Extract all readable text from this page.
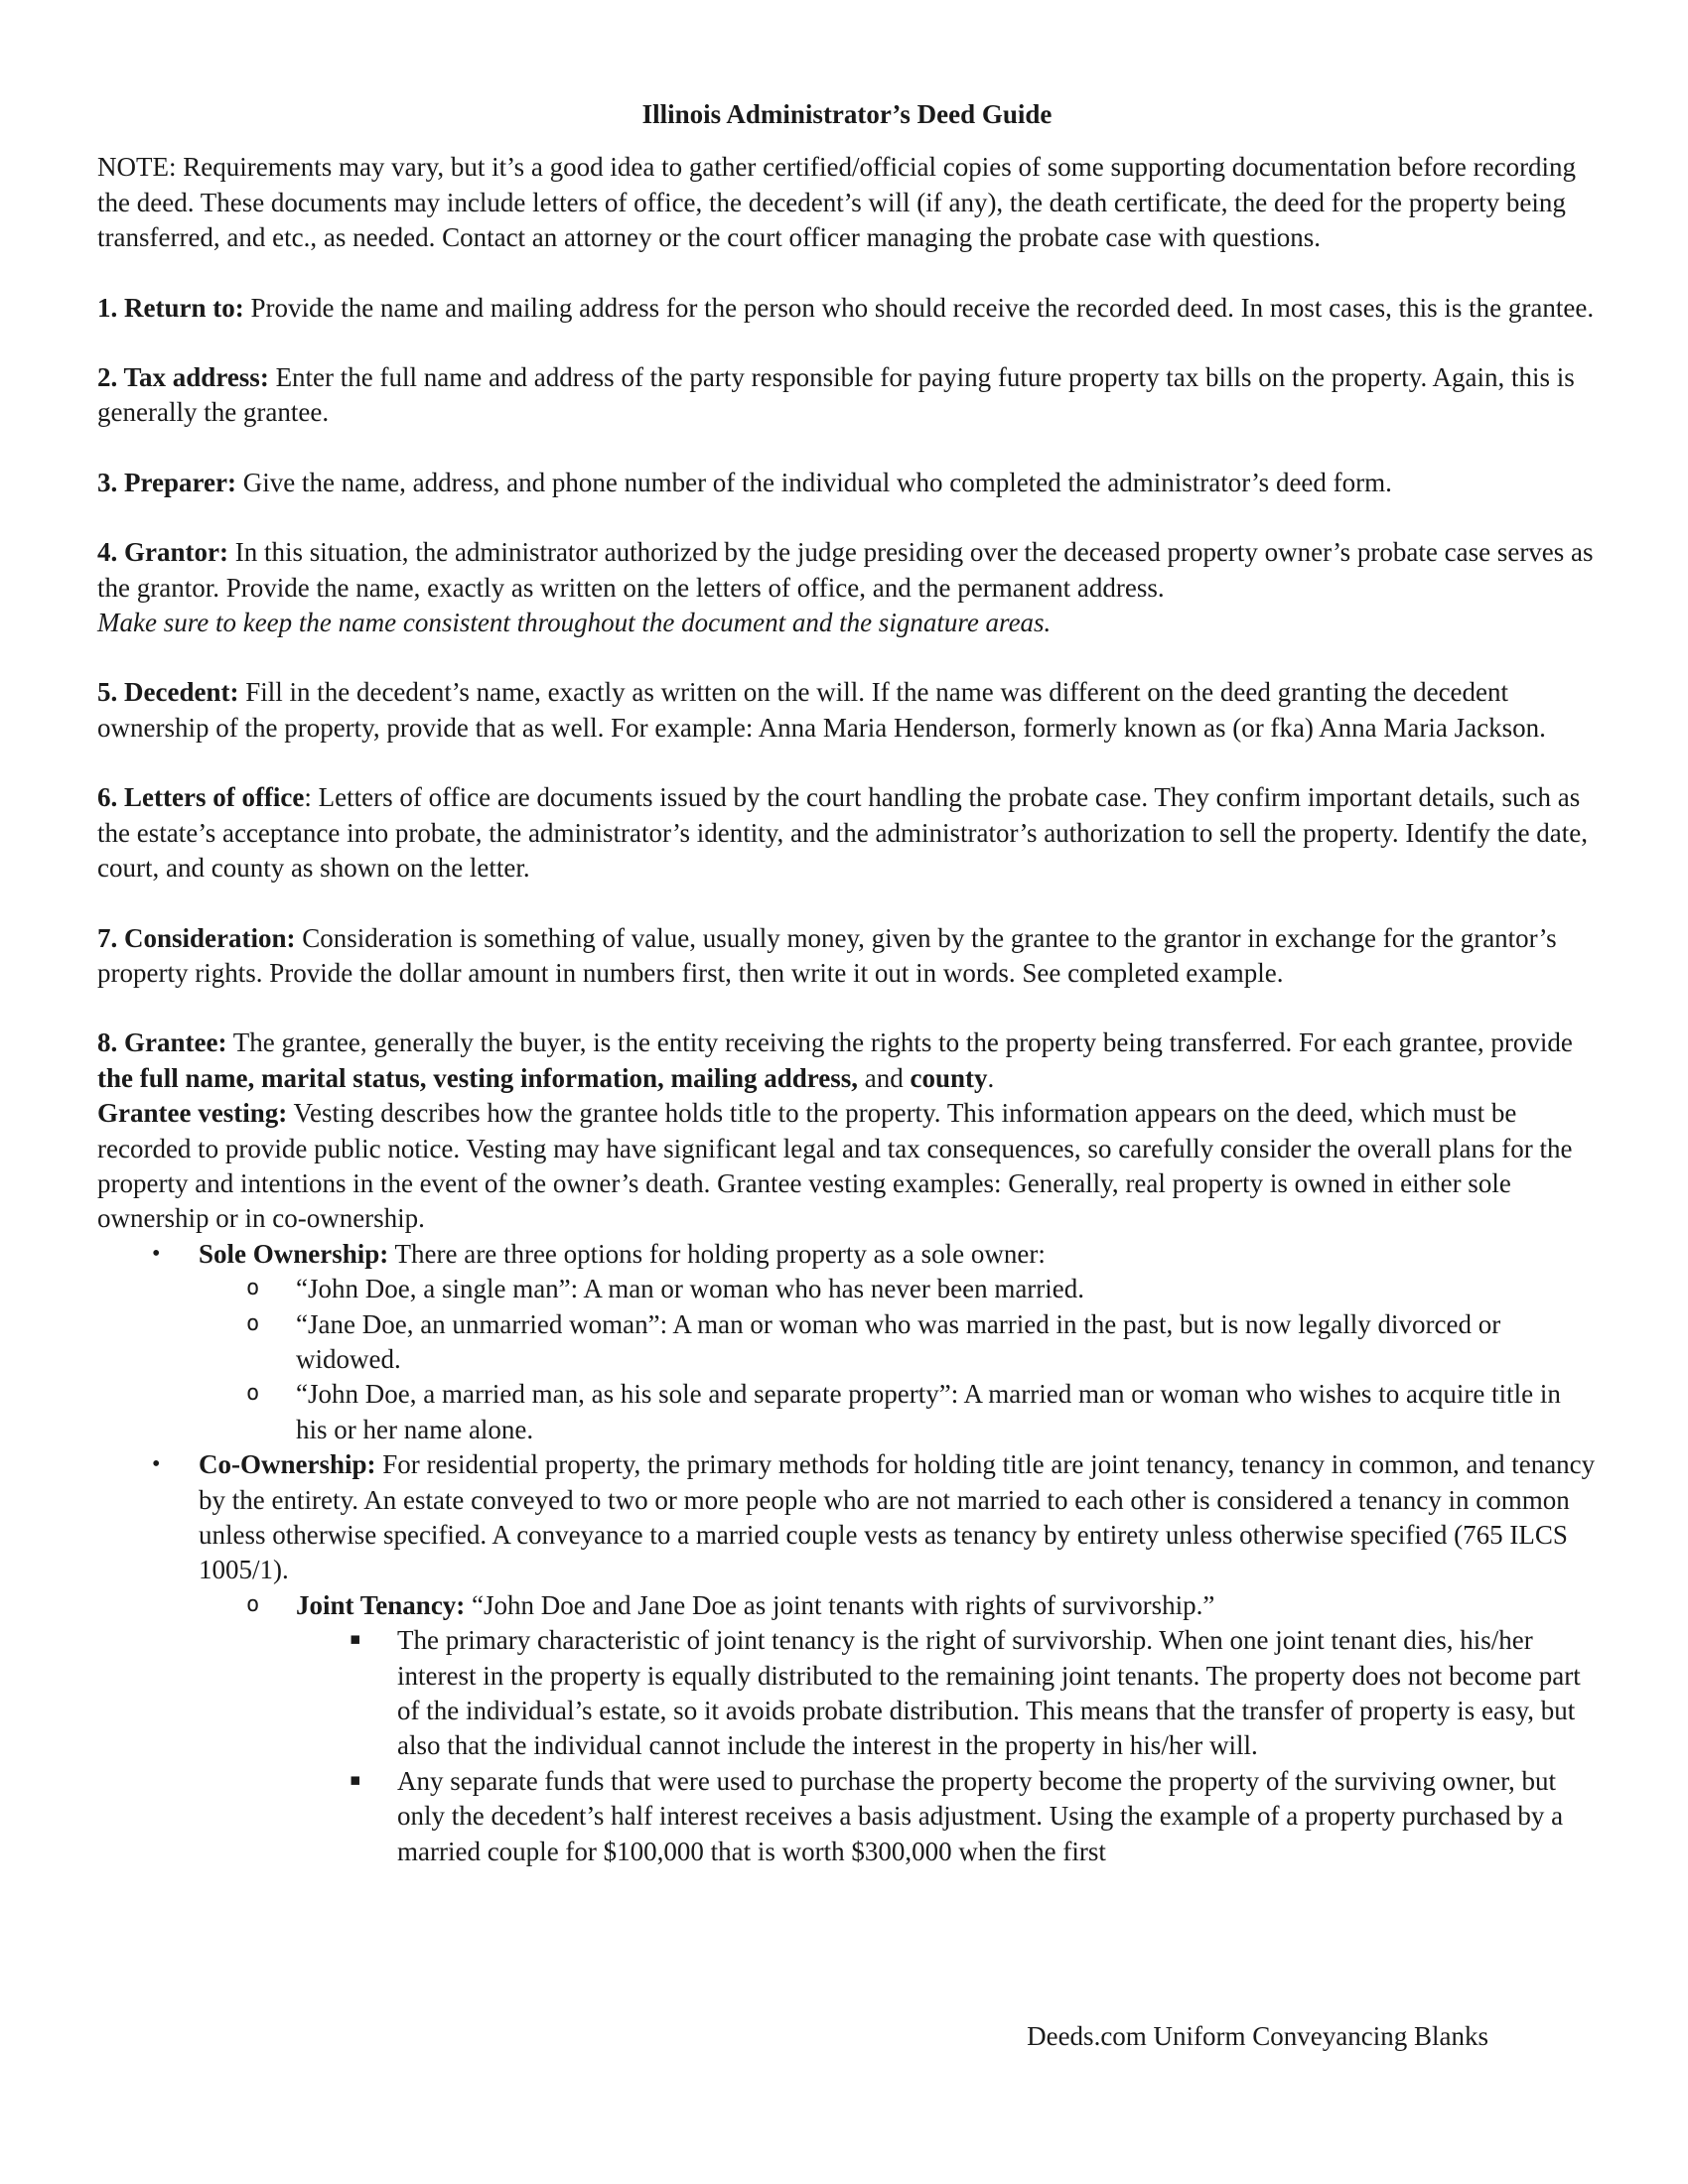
Illinois Administrator’s Deed Guide

NOTE: Requirements may vary, but it’s a good idea to gather certified/official copies of some supporting documentation before recording the deed. These documents may include letters of office, the decedent’s will (if any), the death certificate, the deed for the property being transferred, and etc., as needed. Contact an attorney or the court officer managing the probate case with questions.

1. Return to: Provide the name and mailing address for the person who should receive the recorded deed. In most cases, this is the grantee.

2. Tax address: Enter the full name and address of the party responsible for paying future property tax bills on the property. Again, this is generally the grantee.

3. Preparer: Give the name, address, and phone number of the individual who completed the administrator’s deed form.

4. Grantor: In this situation, the administrator authorized by the judge presiding over the deceased property owner’s probate case serves as the grantor. Provide the name, exactly as written on the letters of office, and the permanent address.
Make sure to keep the name consistent throughout the document and the signature areas.

5. Decedent: Fill in the decedent’s name, exactly as written on the will. If the name was different on the deed granting the decedent ownership of the property, provide that as well. For example: Anna Maria Henderson, formerly known as (or fka) Anna Maria Jackson.

6. Letters of office: Letters of office are documents issued by the court handling the probate case. They confirm important details, such as the estate’s acceptance into probate, the administrator’s identity, and the administrator’s authorization to sell the property. Identify the date, court, and county as shown on the letter.

7. Consideration: Consideration is something of value, usually money, given by the grantee to the grantor in exchange for the grantor’s property rights. Provide the dollar amount in numbers first, then write it out in words. See completed example.

8. Grantee: The grantee, generally the buyer, is the entity receiving the rights to the property being transferred. For each grantee, provide the full name, marital status, vesting information, mailing address, and county.

Grantee vesting: Vesting describes how the grantee holds title to the property. This information appears on the deed, which must be recorded to provide public notice. Vesting may have significant legal and tax consequences, so carefully consider the overall plans for the property and intentions in the event of the owner’s death. Grantee vesting examples: Generally, real property is owned in either sole ownership or in co-ownership.

• Sole Ownership: There are three options for holding property as a sole owner:
o “John Doe, a single man”: A man or woman who has never been married.
o “Jane Doe, an unmarried woman”: A man or woman who was married in the past, but is now legally divorced or widowed.
o “John Doe, a married man, as his sole and separate property”: A married man or woman who wishes to acquire title in his or her name alone.
• Co-Ownership: For residential property, the primary methods for holding title are joint tenancy, tenancy in common, and tenancy by the entirety. An estate conveyed to two or more people who are not married to each other is considered a tenancy in common unless otherwise specified. A conveyance to a married couple vests as tenancy by entirety unless otherwise specified (765 ILCS 1005/1).
o Joint Tenancy: “John Doe and Jane Doe as joint tenants with rights of survivorship.”
▪ The primary characteristic of joint tenancy is the right of survivorship. When one joint tenant dies, his/her interest in the property is equally distributed to the remaining joint tenants. The property does not become part of the individual’s estate, so it avoids probate distribution. This means that the transfer of property is easy, but also that the individual cannot include the interest in the property in his/her will.
▪ Any separate funds that were used to purchase the property become the property of the surviving owner, but only the decedent’s half interest receives a basis adjustment. Using the example of a property purchased by a married couple for $100,000 that is worth $300,000 when the first
Deeds.com Uniform Conveyancing Blanks
